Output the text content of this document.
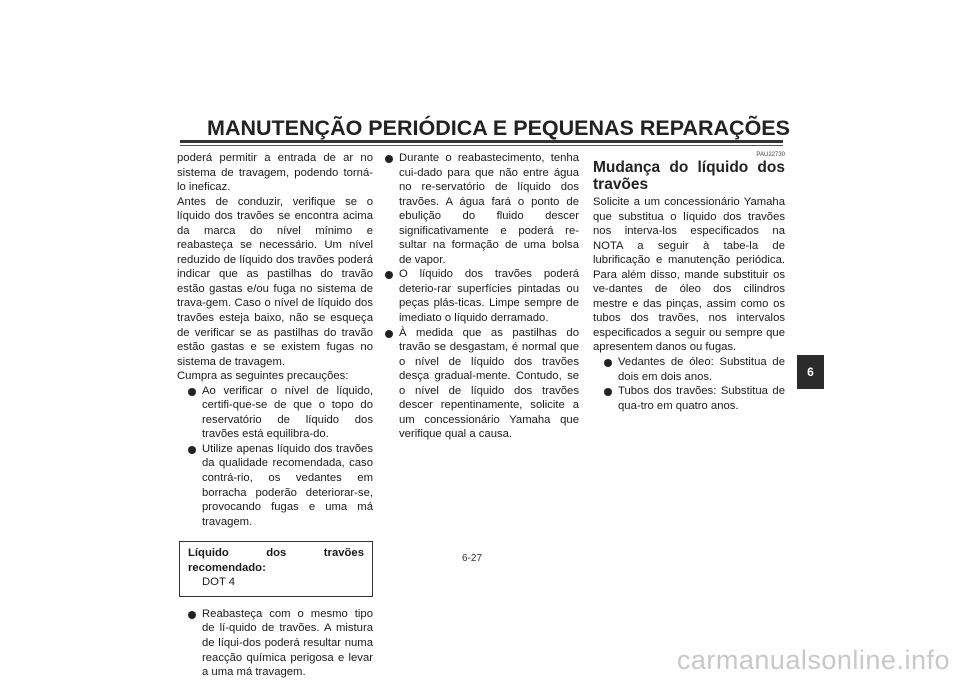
MANUTENÇÃO PERIÓDICA E PEQUENAS REPARAÇÕES

poderá permitir a entrada de ar no sistema de travagem, podendo torná-lo ineficaz.

Antes de conduzir, verifique se o líquido dos travões se encontra acima da marca do nível mínimo e reabasteça se necessário. Um nível reduzido de líquido dos travões poderá indicar que as pastilhas do travão estão gastas e/ou fuga no sistema de trava-gem. Caso o nível de líquido dos travões esteja baixo, não se esqueça de verificar se as pastilhas do travão estão gastas e se existem fugas no sistema de travagem.

Cumpra as seguintes precauções:

Ao verificar o nível de líquido, certifi-que-se de que o topo do reservatório de líquido dos travões está equilibra-do.
Utilize apenas líquido dos travões da qualidade recomendada, caso contrá-rio, os vedantes em borracha poderão deteriorar-se, provocando fugas e uma má travagem.
Líquido dos travões recomendado:
DOT 4
Reabasteça com o mesmo tipo de lí-quido de travões. A mistura de líqui-dos poderá resultar numa reacção química perigosa e levar a uma má travagem.
Durante o reabastecimento, tenha cui-dado para que não entre água no re-servatório de líquido dos travões. A água fará o ponto de ebulição do fluido descer significativamente e poderá re-sultar na formação de uma bolsa de vapor.
O líquido dos travões poderá deterio-rar superfícies pintadas ou peças plás-ticas. Limpe sempre de imediato o líquido derramado.
À medida que as pastilhas do travão se desgastam, é normal que o nível de líquido dos travões desça gradual-mente. Contudo, se o nível de líquido dos travões descer repentinamente, solicite a um concessionário Yamaha que verifique qual a causa.
PAU22730
Mudança do líquido dos travões

Solicite a um concessionário Yamaha que substitua o líquido dos travões nos interva-los especificados na NOTA a seguir à tabe-la de lubrificação e manutenção periódica. Para além disso, mande substituir os ve-dantes de óleo dos cilindros mestre e das pinças, assim como os tubos dos travões, nos intervalos especificados a seguir ou sempre que apresentem danos ou fugas.

Vedantes de óleo: Substitua de dois em dois anos.
Tubos dos travões: Substitua de qua-tro em quatro anos.
6-27
6
carmanualsonline.info
